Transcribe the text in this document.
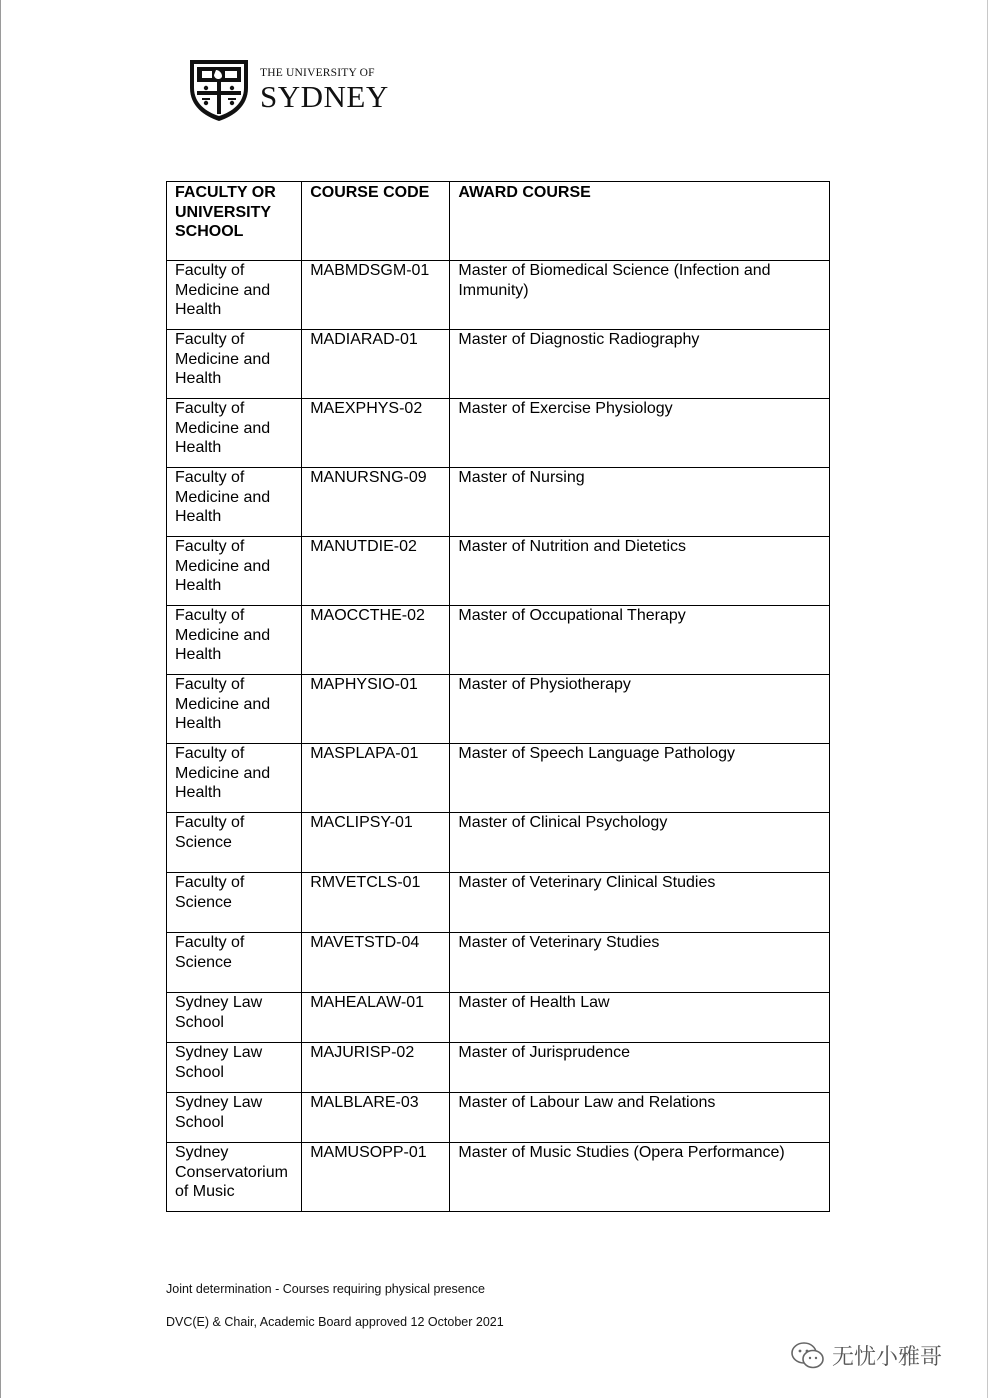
THE UNIVERSITY OF
SYDNEY
FACULTY OR UNIVERSITY SCHOOL	COURSE CODE	AWARD COURSE
Faculty of Medicine and Health	MABMDSGM-01	Master of Biomedical Science (Infection and Immunity)
Faculty of Medicine and Health	MADIARAD-01	Master of Diagnostic Radiography
Faculty of Medicine and Health	MAEXPHYS-02	Master of Exercise Physiology
Faculty of Medicine and Health	MANURSNG-09	Master of Nursing
Faculty of Medicine and Health	MANUTDIE-02	Master of Nutrition and Dietetics
Faculty of Medicine and Health	MAOCCTHE-02	Master of Occupational Therapy
Faculty of Medicine and Health	MAPHYSIO-01	Master of Physiotherapy
Faculty of Medicine and Health	MASPLAPA-01	Master of Speech Language Pathology
Faculty of Science	MACLIPSY-01	Master of Clinical Psychology
Faculty of Science	RMVETCLS-01	Master of Veterinary Clinical Studies
Faculty of Science	MAVETSTD-04	Master of Veterinary Studies
Sydney Law School	MAHEALAW-01	Master of Health Law
Sydney Law School	MAJURISP-02	Master of Jurisprudence
Sydney Law School	MALBLARE-03	Master of Labour Law and Relations
Sydney Conservatorium of Music	MAMUSOPP-01	Master of Music Studies (Opera Performance)
Joint determination - Courses requiring physical presence
DVC(E) & Chair, Academic Board approved 12 October 2021
无忧小雅哥
